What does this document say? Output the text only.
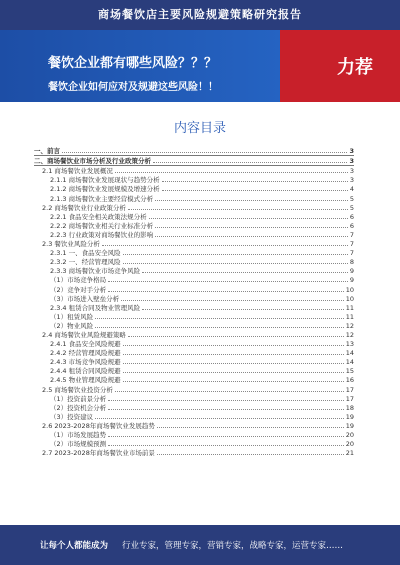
商场餐饮店主要风险规避策略研究报告
餐饮企业都有哪些风险？？？
餐饮企业如何应对及规避这些风险！！
力荐
内容目录
一、前言	3
二、商场餐饮业市场分析及行业政策分析	3
2.1 商场餐饮业发展概况	3
2.1.1 商场餐饮业发展现状与趋势分析	3
2.1.2 商场餐饮业发展规模及增速分析	4
2.1.3 商场餐饮业主要经营模式分析	5
2.2 商场餐饮业行业政策分析	5
2.2.1 食品安全相关政策法规分析	6
2.2.2 商场餐饮业相关行业标准分析	6
2.2.3 行业政策对商场餐饮业的影响	7
2.3 餐饮业风险分析	7
2.3.1 一、食品安全风险	7
2.3.2 一、经营管理风险	8
2.3.3 商场餐饮业市场竞争风险	9
（1）市场竞争格局	9
（2）竞争对手分析	10
（3）市场进入壁垒分析	10
2.3.4 租赁合同及物业管理风险	11
（1）租赁风险	11
（2）物业风险	12
2.4 商场餐饮业风险规避策略	12
2.4.1 食品安全风险规避	13
2.4.2 经营管理风险规避	14
2.4.3 市场竞争风险规避	14
2.4.4 租赁合同风险规避	15
2.4.5 物业管理风险规避	16
2.5 商场餐饮业投资分析	17
（1）投资前景分析	17
（2）投资机会分析	18
（3）投资建议	19
2.6 2023-2028年商场餐饮业发展趋势	19
（1）市场发展趋势	20
（2）市场规模预测	20
2.7 2023-2028年商场餐饮业市场前景	21
让每个人都能成为 行业专家，管理专家，营销专家，战略专家，运营专家……
